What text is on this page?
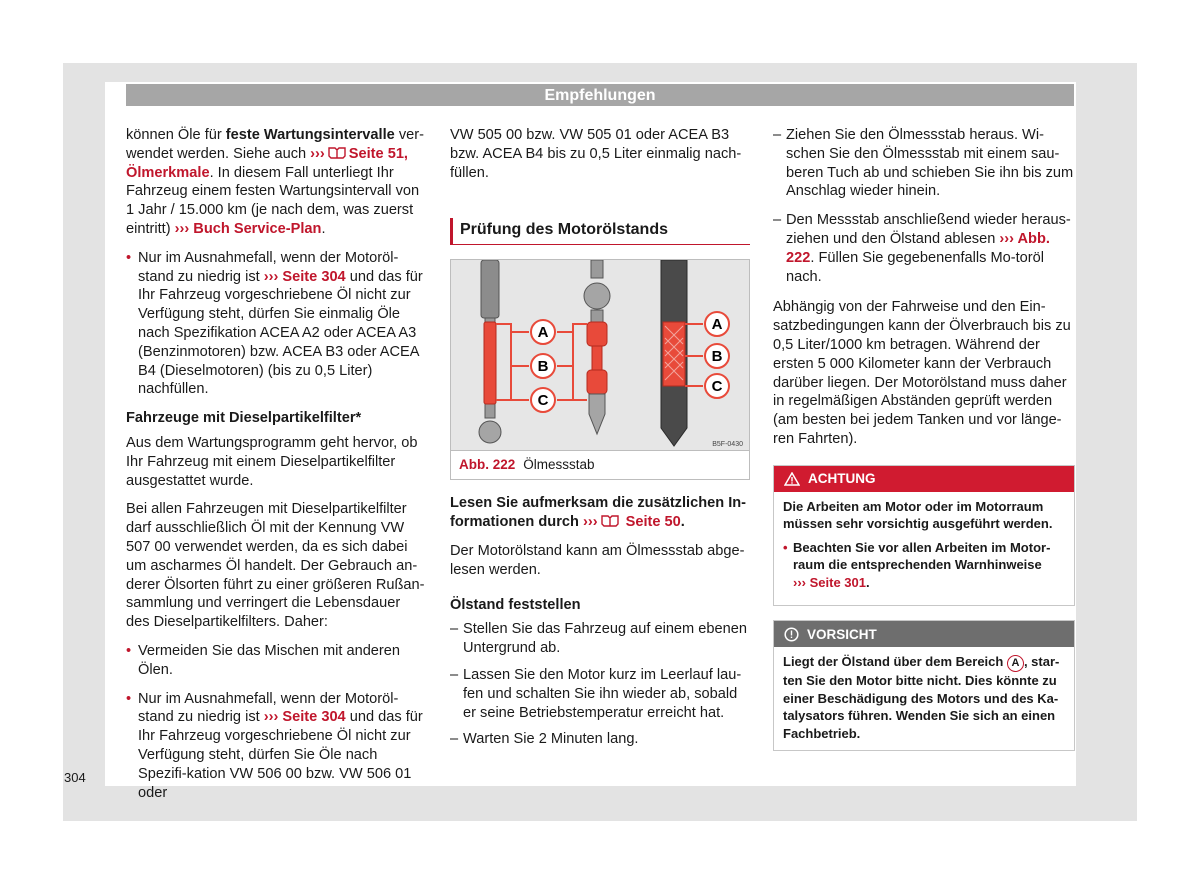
Empfehlungen

können Öle für feste Wartungsintervalle ver-wendet werden. Siehe auch ››› Seite 51, Ölmerkmale. In diesem Fall unterliegt Ihr Fahrzeug einem festen Wartungsintervall von 1 Jahr / 15.000 km (je nach dem, was zuerst eintritt) ››› Buch Service-Plan.

• Nur im Ausnahmefall, wenn der Motoröl-stand zu niedrig ist ››› Seite 304 und das für Ihr Fahrzeug vorgeschriebene Öl nicht zur Verfügung steht, dürfen Sie einmalig Öle nach Spezifikation ACEA A2 oder ACEA A3 (Benzinmotoren) bzw. ACEA B3 oder ACEA B4 (Dieselmotoren) (bis zu 0,5 Liter) nachfüllen.

Fahrzeuge mit Dieselpartikelfilter*

Aus dem Wartungsprogramm geht hervor, ob Ihr Fahrzeug mit einem Dieselpartikelfilter ausgestattet wurde.

Bei allen Fahrzeugen mit Dieselpartikelfilter darf ausschließlich Öl mit der Kennung VW 507 00 verwendet werden, da es sich dabei um ascharmes Öl handelt. Der Gebrauch an-derer Ölsorten führt zu einer größeren Rußan-sammlung und verringert die Lebensdauer des Dieselpartikelfilters. Daher:

• Vermeiden Sie das Mischen mit anderen Ölen.

• Nur im Ausnahmefall, wenn der Motoröl-stand zu niedrig ist ››› Seite 304 und das für Ihr Fahrzeug vorgeschriebene Öl nicht zur Verfügung steht, dürfen Sie Öle nach Spezifi-kation VW 506 00 bzw. VW 506 01 oder

VW 505 00 bzw. VW 505 01 oder ACEA B3 bzw. ACEA B4 bis zu 0,5 Liter einmalig nach-füllen.

Prüfung des Motorölstands
A
B
C
A
B
C
B5F-0430
Abb. 222 Ölmessstab

Lesen Sie aufmerksam die zusätzlichen In-formationen durch ››› Seite 50.

Der Motorölstand kann am Ölmessstab abge-lesen werden.

Ölstand feststellen

– Stellen Sie das Fahrzeug auf einem ebenen Untergrund ab.
– Lassen Sie den Motor kurz im Leerlauf lau-fen und schalten Sie ihn wieder ab, sobald er seine Betriebstemperatur erreicht hat.
– Warten Sie 2 Minuten lang.
– Ziehen Sie den Ölmessstab heraus. Wi-schen Sie den Ölmessstab mit einem sau-beren Tuch ab und schieben Sie ihn bis zum Anschlag wieder hinein.
– Den Messstab anschließend wieder heraus-ziehen und den Ölstand ablesen ››› Abb. 222. Füllen Sie gegebenenfalls Mo-toröl nach.

Abhängig von der Fahrweise und den Ein-satzbedingungen kann der Ölverbrauch bis zu 0,5 Liter/1000 km betragen. Während der ersten 5 000 Kilometer kann der Verbrauch darüber liegen. Der Motorölstand muss daher in regelmäßigen Abständen geprüft werden (am besten bei jedem Tanken und vor länge-ren Fahrten).

ACHTUNG

Die Arbeiten am Motor oder im Motorraum müssen sehr vorsichtig ausgeführt werden.

• Beachten Sie vor allen Arbeiten im Motor-raum die entsprechenden Warnhinweise
››› Seite 301.

VORSICHT
Liegt der Ölstand über dem Bereich A , star-ten Sie den Motor bitte nicht. Dies könnte zu einer Beschädigung des Motors und des Ka-talysators führen. Wenden Sie sich an einen Fachbetrieb.
304
